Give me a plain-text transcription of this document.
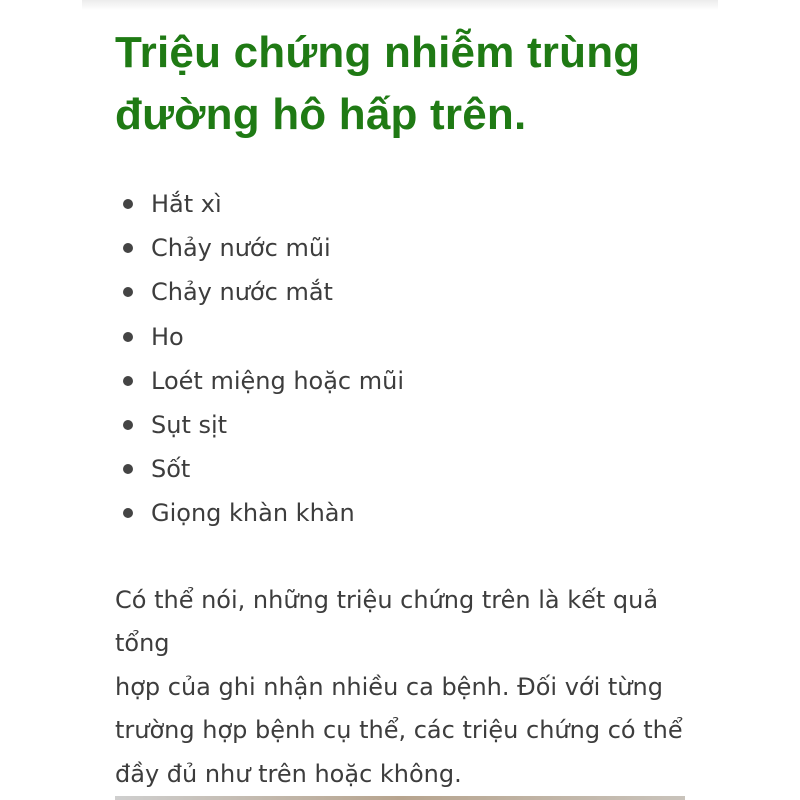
Triệu chứng nhiễm trùng
đường hô hấp trên.
Hắt xì
Chảy nước mũi
Chảy nước mắt
Ho
Loét miệng hoặc mũi
Sụt sịt
Sốt
Giọng khàn khàn

Có thể nói, những triệu chứng trên là kết quả tổng
hợp của ghi nhận nhiều ca bệnh. Đối với từng
trường hợp bệnh cụ thể, các triệu chứng có thể
đầy đủ như trên hoặc không.
